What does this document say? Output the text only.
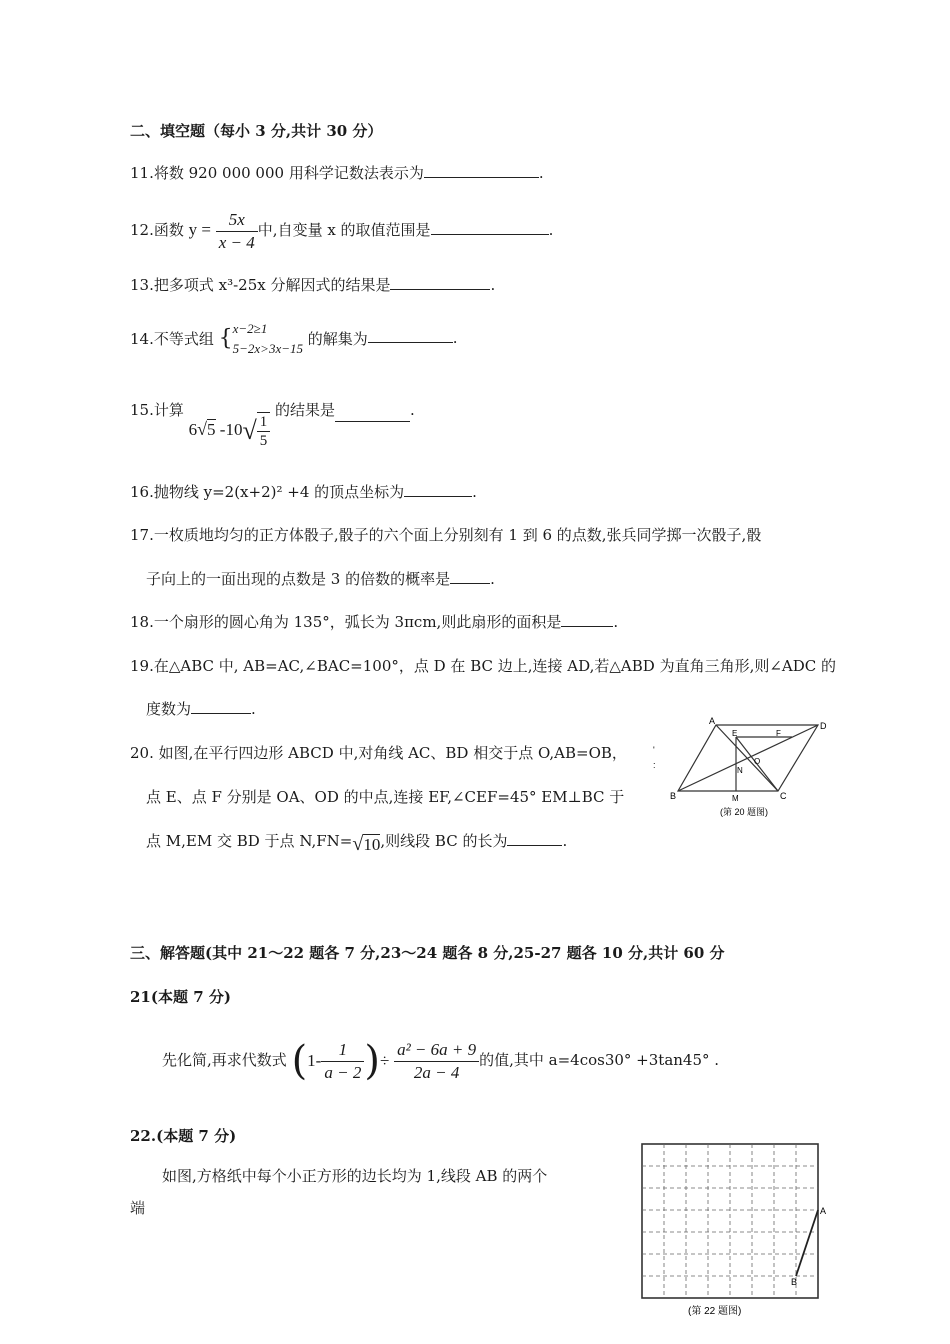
二、填空题（每小 3 分,共计 30 分）
11.将数 920 000 000 用科学记数法表示为	.
12.函数 $y = \frac{5x}{x - 4}$ 中,自变量 x 的取值范围是	.
13.把多项式 x³-25x 分解因式的结果是	.
14.不等式组 { x−2≥1
5−2x>3x−15
的解集为	.
15.计算 6√5 $-10√ \frac{1}{5}$
的结果是	.
16.抛物线 y=2(x+2)² +4 的顶点坐标为	.
17.一枚质地均匀的正方体骰子,骰子的六个面上分别刻有 1 到 6 的点数,张兵同学掷一次骰子,骰
子向上的一面出现的点数是 3 的倍数的概率是	.
18.一个扇形的圆心角为 135°，弧长为 3πcm,则此扇形的面积是	.
19.在△ABC 中, AB=AC,∠BAC=100°，点 D 在 BC 边上,连接 AD,若△ABD 为直角三角形,则∠ADC 的
度数为	.
20. 如图,在平行四边形 ABCD 中,对角线 AC、BD 相交于点 O,AB=OB，
点 E、点 F 分别是 OA、OD 的中点,连接 EF,∠CEF=45° EM⊥BC 于
点 M,EM 交 BD 于点 N,FN=√10,则线段 BC 的长为	.
'
:
A	D
B	C
E	F
O
N
M
(第 20 题图)
三、解答题(其中 21～22 题各 7 分,23～24 题各 8 分,25-27 题各 10 分,共计 60 分
21(本题 7 分)
先化简,再求代数式 ($1- \frac{1}{a - 2}$ )÷ $\frac{\text{a² − 6a + 9}}{2a - 4}$ 的值,其中 a=4cos30° +3tan45° .
22.(本题 7 分)
如图,方格纸中每个小正方形的边长均为 1,线段 AB 的两个
端	A
B
(第 22 题图)
